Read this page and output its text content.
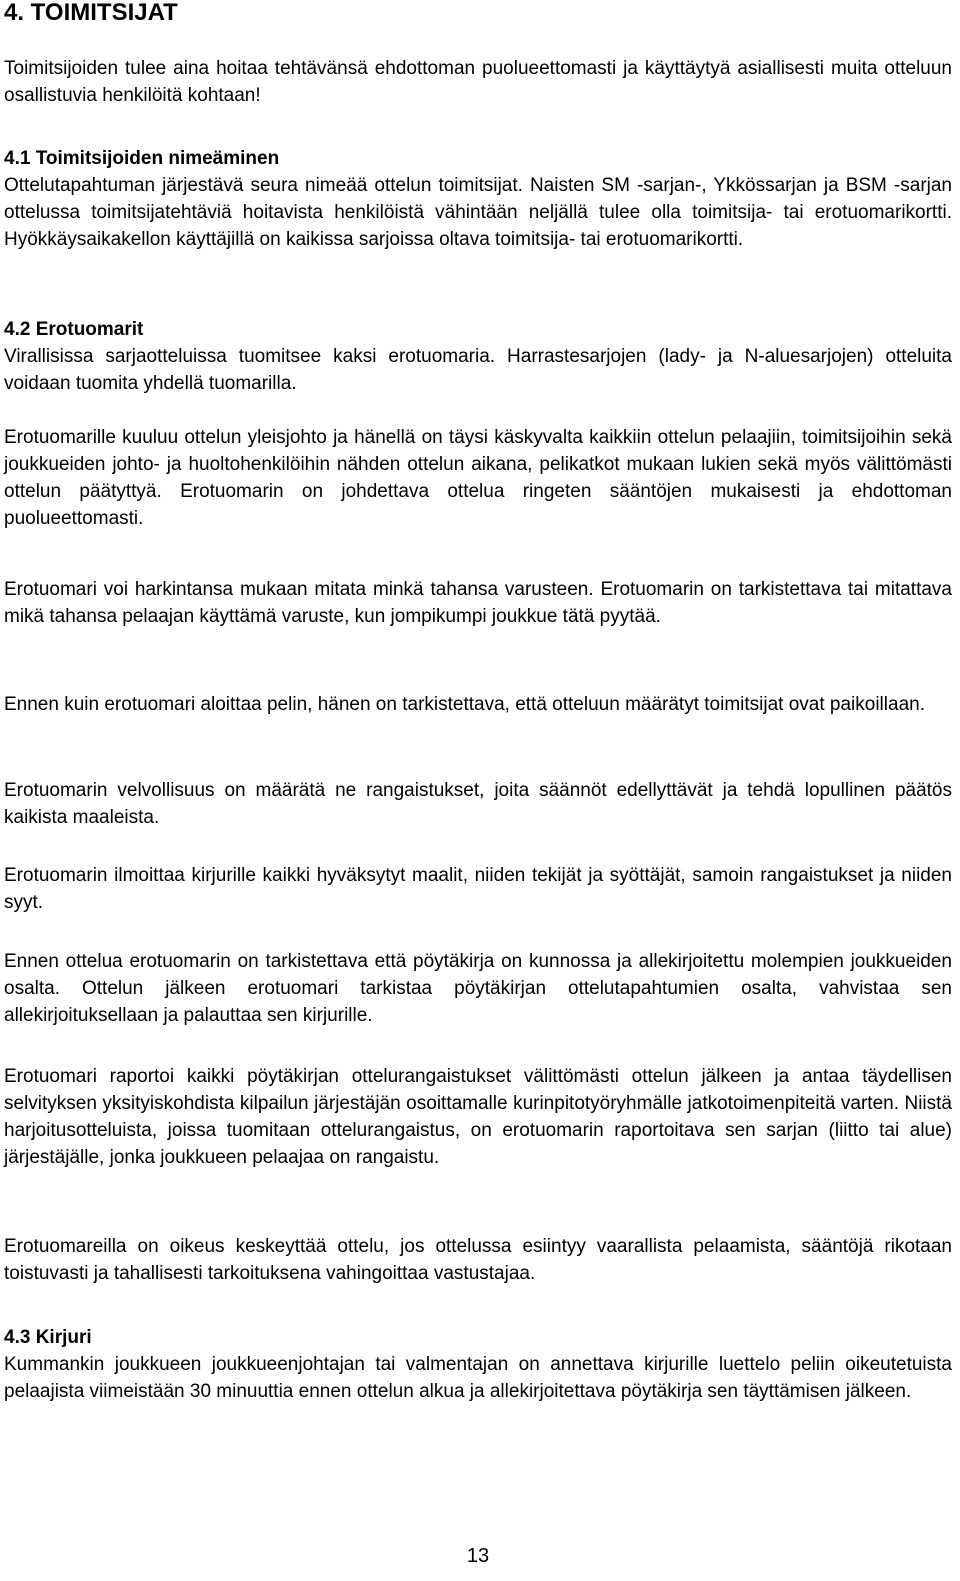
4. TOIMITSIJAT

Toimitsijoiden tulee aina hoitaa tehtävänsä ehdottoman puolueettomasti ja käyttäytyä asiallisesti muita otteluun osallistuvia henkilöitä kohtaan!

4.1 Toimitsijoiden nimeäminen

Ottelutapahtuman järjestävä seura nimeää ottelun toimitsijat. Naisten SM -sarjan-, Ykkössarjan ja BSM -sarjan ottelussa toimitsijatehtäviä hoitavista henkilöistä vähintään neljällä tulee olla toimitsija- tai erotuomarikortti. Hyökkäysaikakellon käyttäjillä on kaikissa sarjoissa oltava toimitsija- tai erotuomarikortti.

4.2 Erotuomarit

Virallisissa sarjaotteluissa tuomitsee kaksi erotuomaria. Harrastesarjojen (lady- ja N-aluesarjojen) otteluita voidaan tuomita yhdellä tuomarilla.

Erotuomarille kuuluu ottelun yleisjohto ja hänellä on täysi käskyvalta kaikkiin ottelun pelaajiin, toimitsijoihin sekä joukkueiden johto- ja huoltohenkilöihin nähden ottelun aikana, pelikatkot mukaan lukien sekä myös välittömästi ottelun päätyttyä. Erotuomarin on johdettava ottelua ringeten sääntöjen mukaisesti ja ehdottoman puolueettomasti.

Erotuomari voi harkintansa mukaan mitata minkä tahansa varusteen. Erotuomarin on tarkistettava tai mitattava mikä tahansa pelaajan käyttämä varuste, kun jompikumpi joukkue tätä pyytää.

Ennen kuin erotuomari aloittaa pelin, hänen on tarkistettava, että otteluun määrätyt toimitsijat ovat paikoillaan.

Erotuomarin velvollisuus on määrätä ne rangaistukset, joita säännöt edellyttävät ja tehdä lopullinen päätös kaikista maaleista.

Erotuomarin ilmoittaa kirjurille kaikki hyväksytyt maalit, niiden tekijät ja syöttäjät, samoin rangaistukset ja niiden syyt.

Ennen ottelua erotuomarin on tarkistettava että pöytäkirja on kunnossa ja allekirjoitettu molempien joukkueiden osalta. Ottelun jälkeen erotuomari tarkistaa pöytäkirjan ottelutapahtumien osalta, vahvistaa sen allekirjoituksellaan ja palauttaa sen kirjurille.

Erotuomari raportoi kaikki pöytäkirjan ottelurangaistukset välittömästi ottelun jälkeen ja antaa täydellisen selvityksen yksityiskohdista kilpailun järjestäjän osoittamalle kurinpitotyöryhmälle jatkotoimenpiteitä varten. Niistä harjoitusotteluista, joissa tuomitaan ottelurangaistus, on erotuomarin raportoitava sen sarjan (liitto tai alue) järjestäjälle, jonka joukkueen pelaajaa on rangaistu.

Erotuomareilla on oikeus keskeyttää ottelu, jos ottelussa esiintyy vaarallista pelaamista, sääntöjä rikotaan toistuvasti ja tahallisesti tarkoituksena vahingoittaa vastustajaa.

4.3 Kirjuri

Kummankin joukkueen joukkueenjohtajan tai valmentajan on annettava kirjurille luettelo peliin oikeutetuista pelaajista viimeistään 30 minuuttia ennen ottelun alkua ja allekirjoitettava pöytäkirja sen täyttämisen jälkeen.

13
